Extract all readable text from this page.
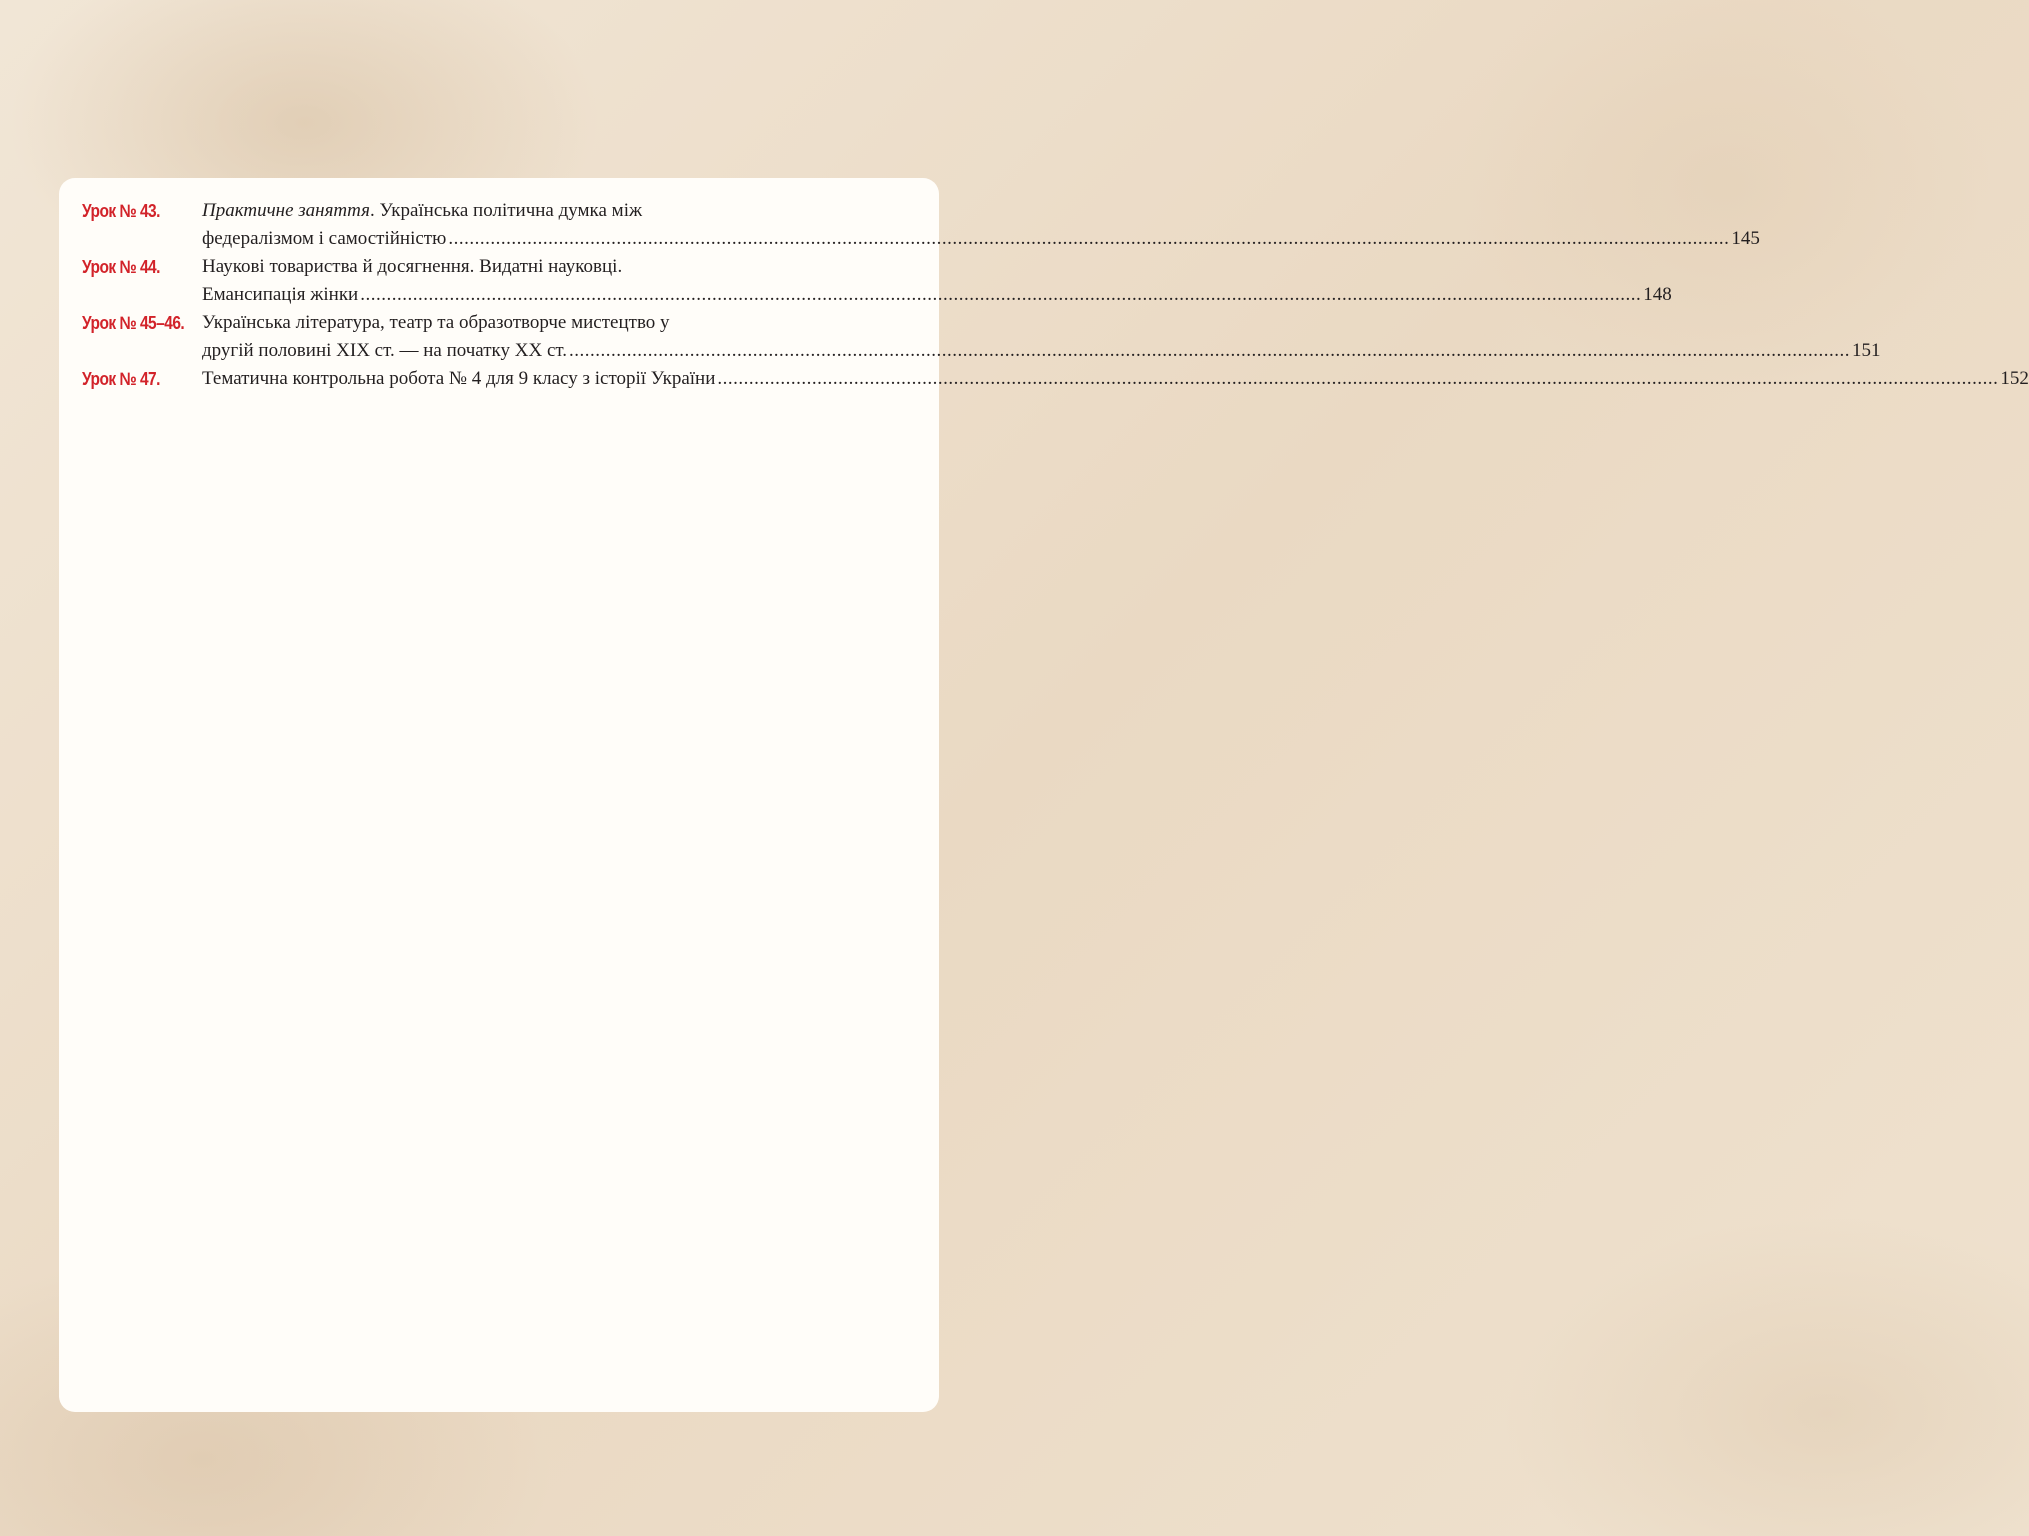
Урок № 43.	Практичне заняття. Українська політична думка між
федералізмом і самостійністю .....	145
Урок № 44.	Наукові товариства й досягнення. Видатні науковці.
Емансипація жінки .....	148
Урок № 45–46. Українська література, театр та образотворче мистецтво у
другій половині XIX ст. — на початку XX ст. .....	151
Урок № 47.	Тематична контрольна робота № 4 для 9 класу з історії України .....	152
